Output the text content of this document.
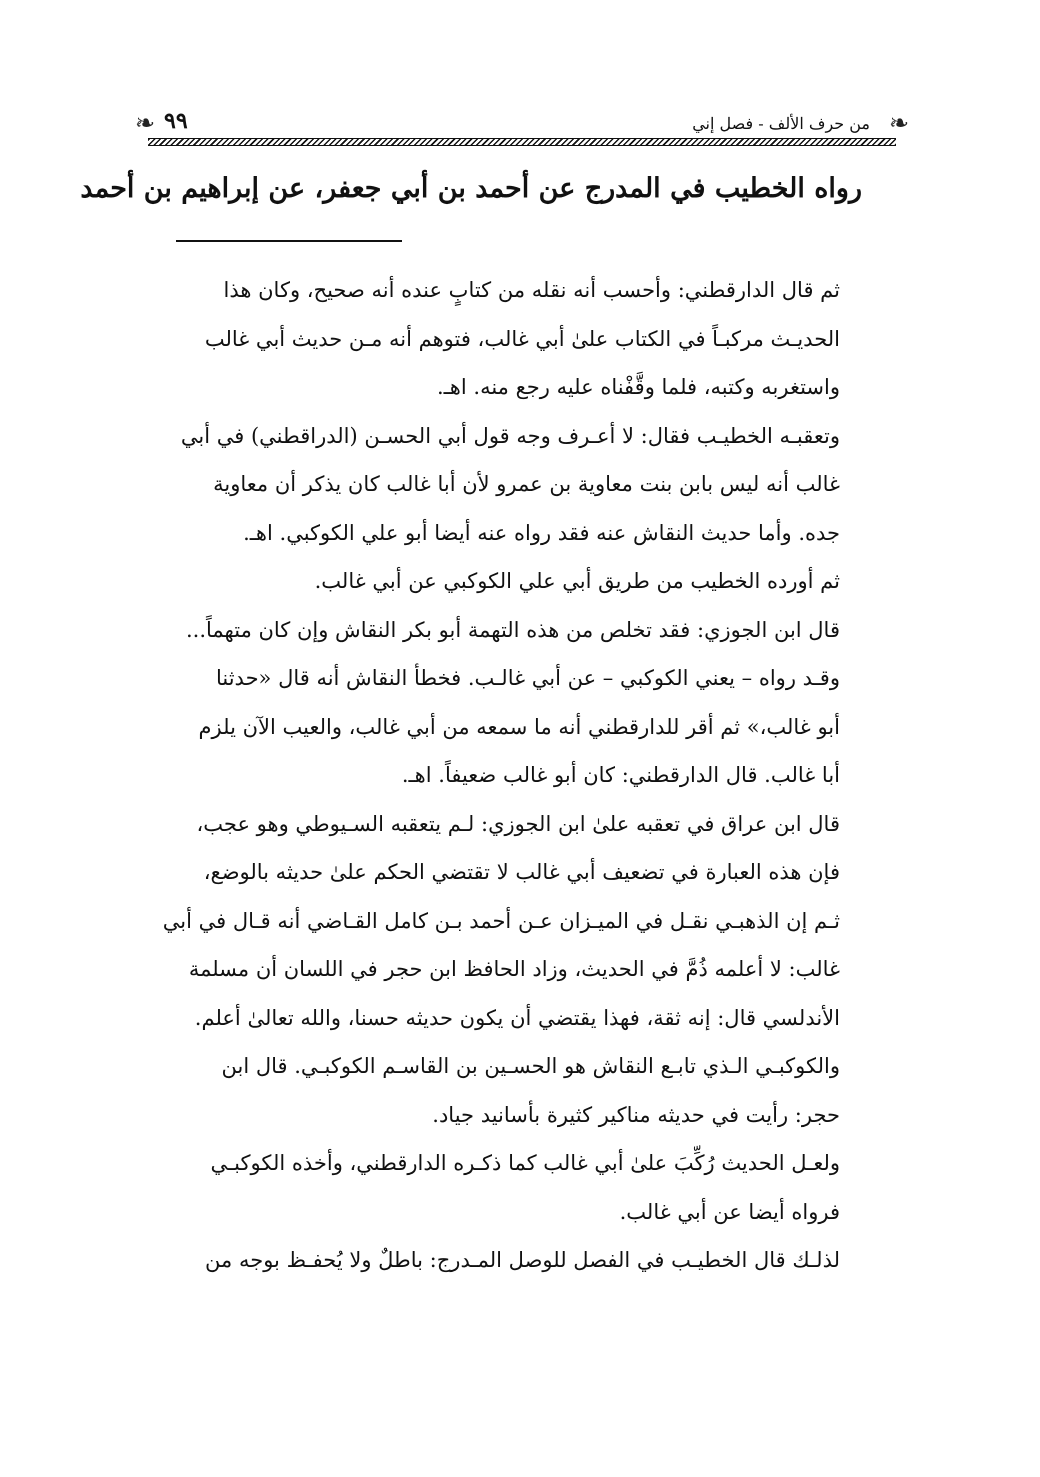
❧
من حرف الألف - فصل إني
٩٩
❧
رواه الخطيب في المدرج عن أحمد بن أبي جعفر، عن إبراهيم بن أحمد
ثم قال الدارقطني: وأحسب أنه نقله من كتابٍ عنده أنه صحيح، وكان هذا
الحديـث مركبـاً في الكتاب علىٰ أبي غالب، فتوهم أنه مـن حديث أبي غالب
واستغربه وكتبه، فلما وقَّفْناه عليه رجع منه. اهـ.
وتعقبـه الخطيـب فقال: لا أعـرف وجه قول أبي الحسـن (الدراقطني) في أبي
غالب أنه ليس بابن بنت معاوية بن عمرو لأن أبا غالب كان يذكر أن معاوية
جده. وأما حديث النقاش عنه فقد رواه عنه أيضا أبو علي الكوكبي. اهـ.
ثم أورده الخطيب من طريق أبي علي الكوكبي عن أبي غالب.
قال ابن الجوزي: فقد تخلص من هذه التهمة أبو بكر النقاش وإن كان متهماً...
وقـد رواه – يعني الكوكبي – عن أبي غالـب. فخطأ النقاش أنه قال «حدثنا
أبو غالب،» ثم أقر للدارقطني أنه ما سمعه من أبي غالب، والعيب الآن يلزم
أبا غالب. قال الدارقطني: كان أبو غالب ضعيفاً. اهـ.
قال ابن عراق في تعقبه علىٰ ابن الجوزي: لـم يتعقبه السـيوطي وهو عجب،
فإن هذه العبارة في تضعيف أبي غالب لا تقتضي الحكم علىٰ حديثه بالوضع،
ثـم إن الذهبـي نقـل في الميـزان عـن أحمد بـن كامل القـاضي أنه قـال في أبي
غالب: لا أعلمه ذُمَّ في الحديث، وزاد الحافظ ابن حجر في اللسان أن مسلمة
الأندلسي قال: إنه ثقة، فهذا يقتضي أن يكون حديثه حسنا، والله تعالىٰ أعلم.
والكوكبـي الـذي تابـع النقاش هو الحسـين بن القاسـم الكوكبـي. قال ابن
حجر: رأيت في حديثه مناكير كثيرة بأسانيد جياد.
ولعـل الحديث رُكِّبَ علىٰ أبي غالب كما ذكـره الدارقطني، وأخذه الكوكبـي
فرواه أيضا عن أبي غالب.
لذلـك قال الخطيـب في الفصل للوصل المـدرج: باطلٌ ولا يُحفـظ بوجه من
